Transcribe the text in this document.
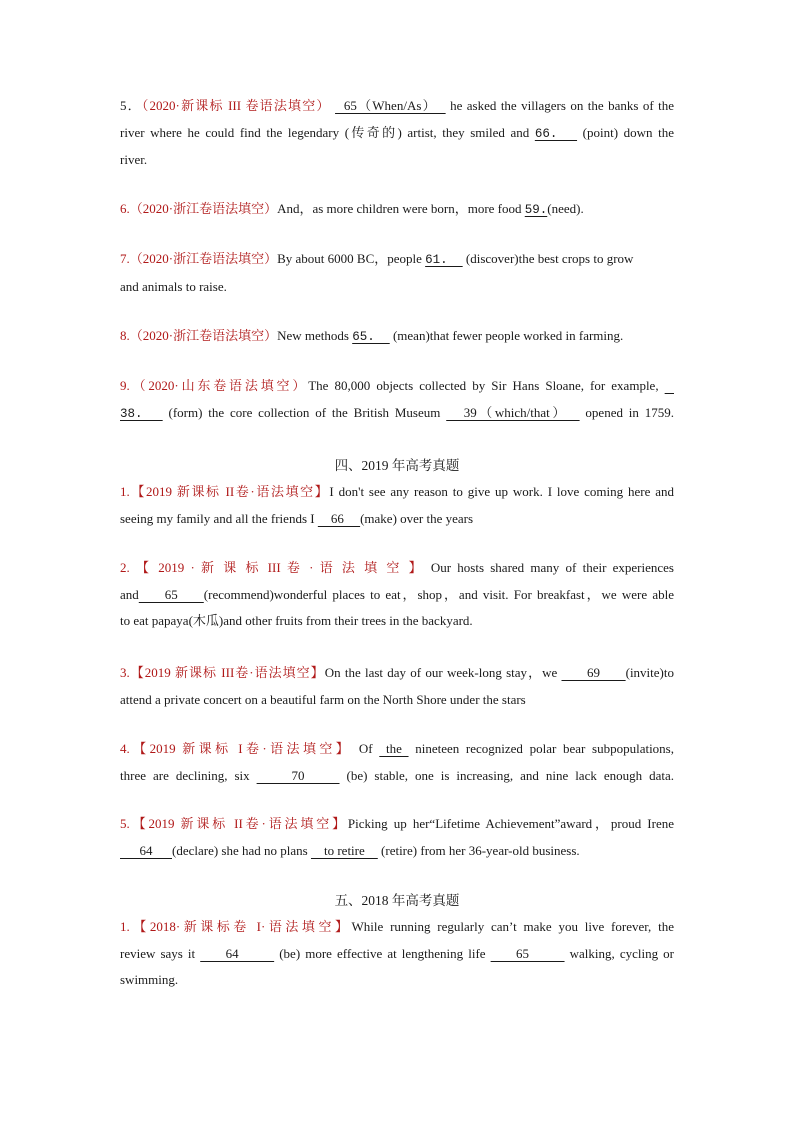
5．（2020·新课标 III 卷语法填空）   65（When/As）   he asked the villagers on the banks of the
river where he could find the legendary (传奇的) artist, they smiled and 66.   (point) down the
river.
6.（2020·浙江卷语法填空）And，as more children were born，more food 59.(need).
7.（2020·浙江卷语法填空）By about 6000 BC，people 61.   (discover)the best crops to grow
and animals to raise.
8.（2020·浙江卷语法填空）New methods 65.   (mean)that fewer people worked in farming.
9.（2020·山东卷语法填空）The 80,000 objects collected by Sir Hans Sloane, for example,
38.   (form) the core collection of the British Museum    39（which/that）   opened in 1759.
四、2019 年高考真题
1.【2019 新课标 II卷·语法填空】I don't see any reason to give up work. I love coming here and
seeing my family and all the friends I     66     (make) over the years
2. 【 2019 · 新 课 标 III 卷 · 语 法 填 空 】 Our hosts shared many of their experiences
and     65     (recommend)wonderful places to eat，shop，and visit. For breakfast，we were able
to eat papaya(木瓜)and other fruits from their trees in the backyard.
3.【2019 新课标 III卷·语法填空】On the last day of our week-long stay，we       69      (invite)to
attend a private concert on a beautiful farm on the North Shore under the stars
4.【2019 新课标 I卷·语法填空】 Of  the  nineteen recognized polar bear subpopulations,
three are declining, six      70      (be) stable, one is increasing, and nine lack enough data.
5.【2019 新课标 II卷·语法填空】Picking up her“Lifetime Achievement”award，proud Irene
64      (declare) she had no plans     to retire     (retire) from her 36-year-old business.
五、2018 年高考真题
1.【2018·新课标卷 I·语法填空】While running regularly can’t make you live forever, the
review says it      64        (be) more effective at lengthening life      65        walking, cycling or
swimming.
